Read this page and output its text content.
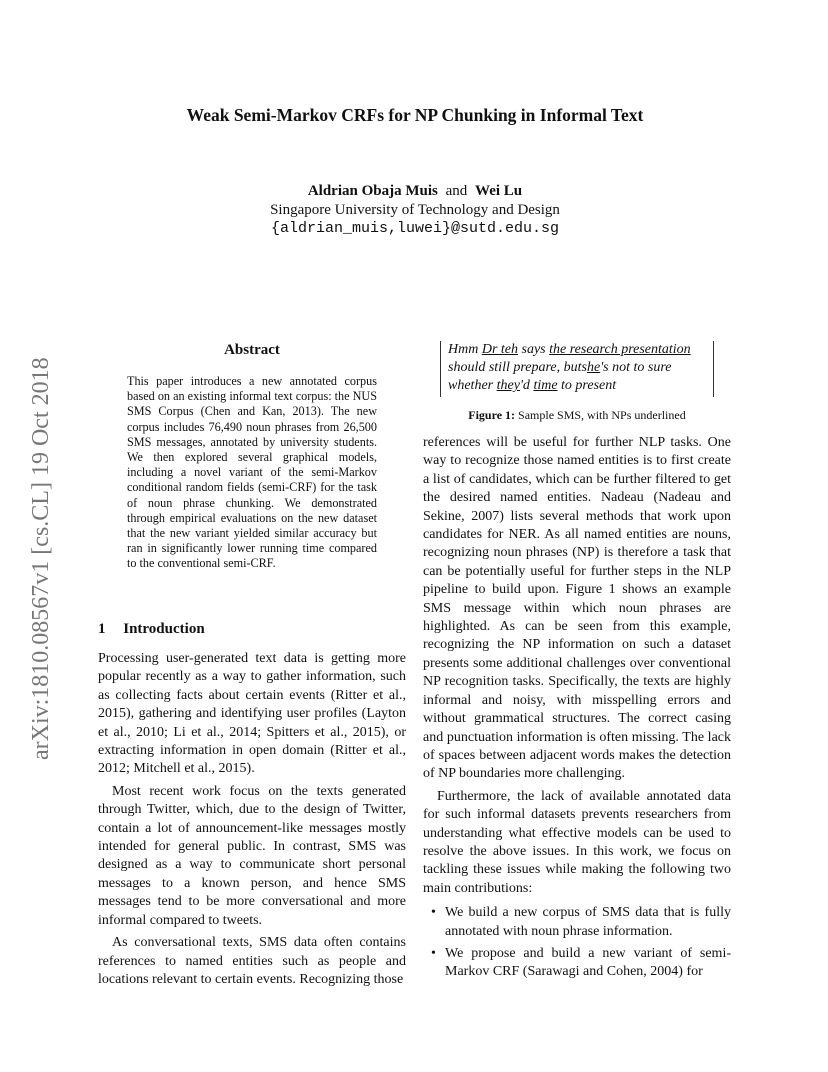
Weak Semi-Markov CRFs for NP Chunking in Informal Text
Aldrian Obaja Muis and Wei Lu
Singapore University of Technology and Design
{aldrian_muis,luwei}@sutd.edu.sg
arXiv:1810.08567v1 [cs.CL] 19 Oct 2018
Abstract
This paper introduces a new annotated corpus based on an existing informal text corpus: the NUS SMS Corpus (Chen and Kan, 2013). The new corpus includes 76,490 noun phrases from 26,500 SMS messages, annotated by university students. We then explored several graphical models, including a novel variant of the semi-Markov conditional random fields (semi-CRF) for the task of noun phrase chunking. We demonstrated through empirical evaluations on the new dataset that the new variant yielded similar accuracy but ran in significantly lower running time compared to the conventional semi-CRF.
1 Introduction

Processing user-generated text data is getting more popular recently as a way to gather information, such as collecting facts about certain events (Ritter et al., 2015), gathering and identifying user profiles (Layton et al., 2010; Li et al., 2014; Spitters et al., 2015), or extracting information in open domain (Ritter et al., 2012; Mitchell et al., 2015).

Most recent work focus on the texts generated through Twitter, which, due to the design of Twitter, contain a lot of announcement-like messages mostly intended for general public. In contrast, SMS was designed as a way to communicate short personal messages to a known person, and hence SMS messages tend to be more conversational and more informal compared to tweets.

As conversational texts, SMS data often contains references to named entities such as people and locations relevant to certain events. Recognizing those

Hmm Dr teh says the research presentation should still prepare, butshe's not to sure whether they'd time to present
Figure 1: Sample SMS, with NPs underlined

references will be useful for further NLP tasks. One way to recognize those named entities is to first create a list of candidates, which can be further filtered to get the desired named entities. Nadeau (Nadeau and Sekine, 2007) lists several methods that work upon candidates for NER. As all named entities are nouns, recognizing noun phrases (NP) is therefore a task that can be potentially useful for further steps in the NLP pipeline to build upon. Figure 1 shows an example SMS message within which noun phrases are highlighted. As can be seen from this example, recognizing the NP information on such a dataset presents some additional challenges over conventional NP recognition tasks. Specifically, the texts are highly informal and noisy, with misspelling errors and without grammatical structures. The correct casing and punctuation information is often missing. The lack of spaces between adjacent words makes the detection of NP boundaries more challenging.

Furthermore, the lack of available annotated data for such informal datasets prevents researchers from understanding what effective models can be used to resolve the above issues. In this work, we focus on tackling these issues while making the following two main contributions:

• We build a new corpus of SMS data that is fully annotated with noun phrase information.
• We propose and build a new variant of semi-Markov CRF (Sarawagi and Cohen, 2004) for
